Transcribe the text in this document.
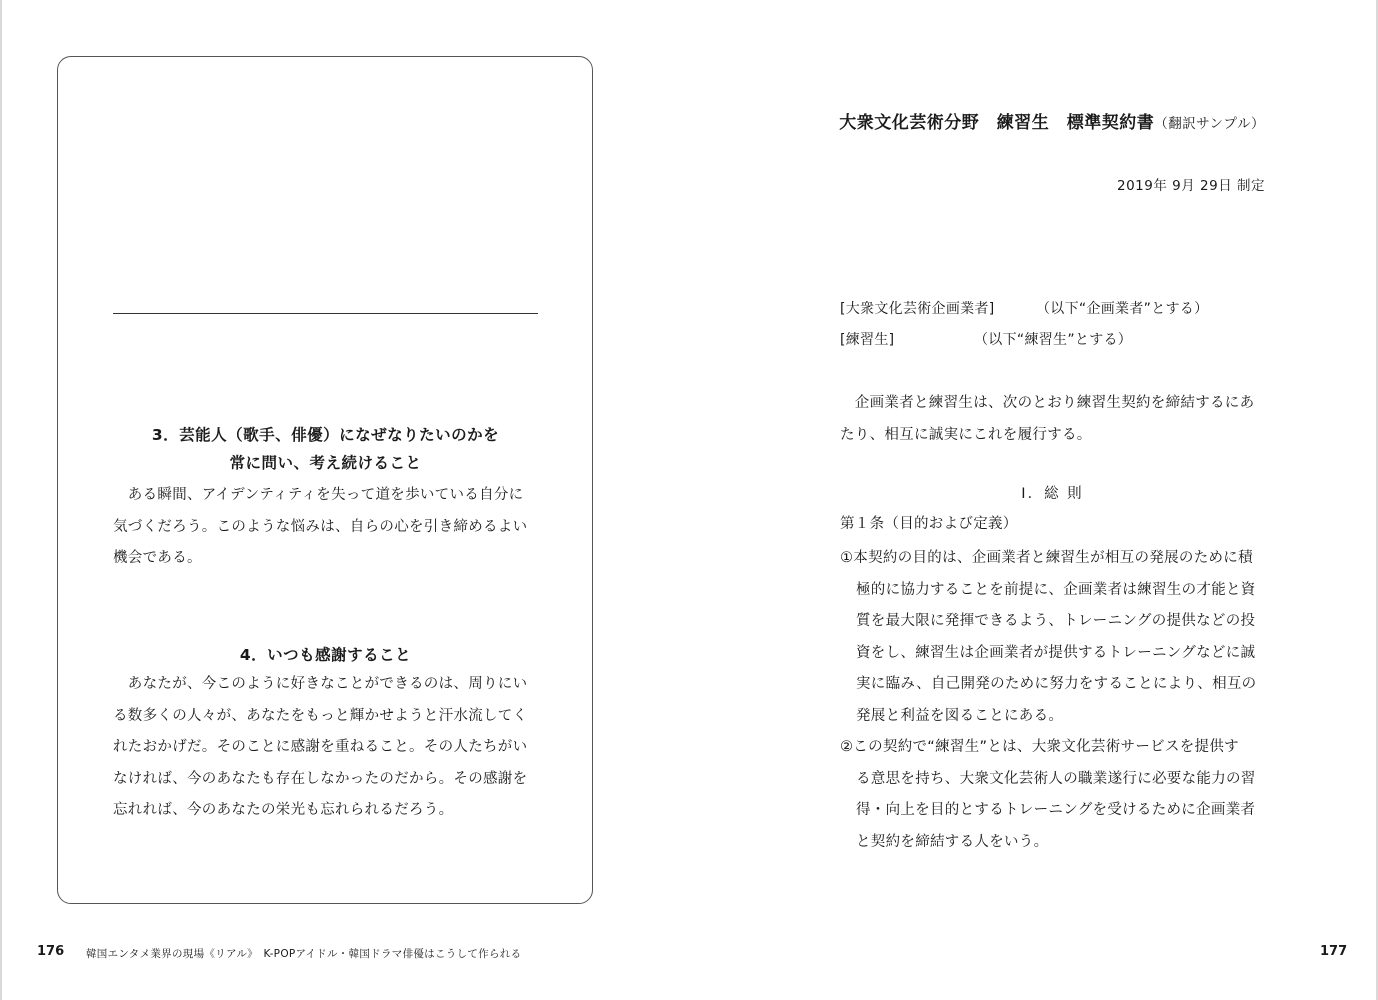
3．芸能人（歌手、俳優）になぜなりたいのかを
常に問い、考え続けること

　ある瞬間、アイデンティティを失って道を歩いている自分に

気づくだろう。このような悩みは、自らの心を引き締めるよい

機会である。

4．いつも感謝すること

　あなたが、今このように好きなことができるのは、周りにい

る数多くの人々が、あなたをもっと輝かせようと汗水流してく

れたおかげだ。そのことに感謝を重ねること。その人たちがい

なければ、今のあなたも存在しなかったのだから。その感謝を

忘れれば、今のあなたの栄光も忘れられるだろう。

176 韓国エンタメ業界の現場《リアル》　K-POPアイドル・韓国ドラマ俳優はこうして作られる
大衆文化芸術分野　練習生　標準契約書（翻訳サンプル）
2019年 9月 29日 制定
[大衆文化芸術企画業者]	（以下“企画業者”とする）
[練習生]	（以下“練習生”とする）

　企画業者と練習生は、次のとおり練習生契約を締結するにあ

たり、相互に誠実にこれを履行する。

Ⅰ．総 則
第１条（目的および定義）

①本契約の目的は、企画業者と練習生が相互の発展のために積

極的に協力することを前提に、企画業者は練習生の才能と資

質を最大限に発揮できるよう、トレーニングの提供などの投

資をし、練習生は企画業者が提供するトレーニングなどに誠

実に臨み、自己開発のために努力をすることにより、相互の

発展と利益を図ることにある。

②この契約で“練習生”とは、大衆文化芸術サービスを提供す

る意思を持ち、大衆文化芸術人の職業遂行に必要な能力の習

得・向上を目的とするトレーニングを受けるために企画業者

と契約を締結する人をいう。

177
